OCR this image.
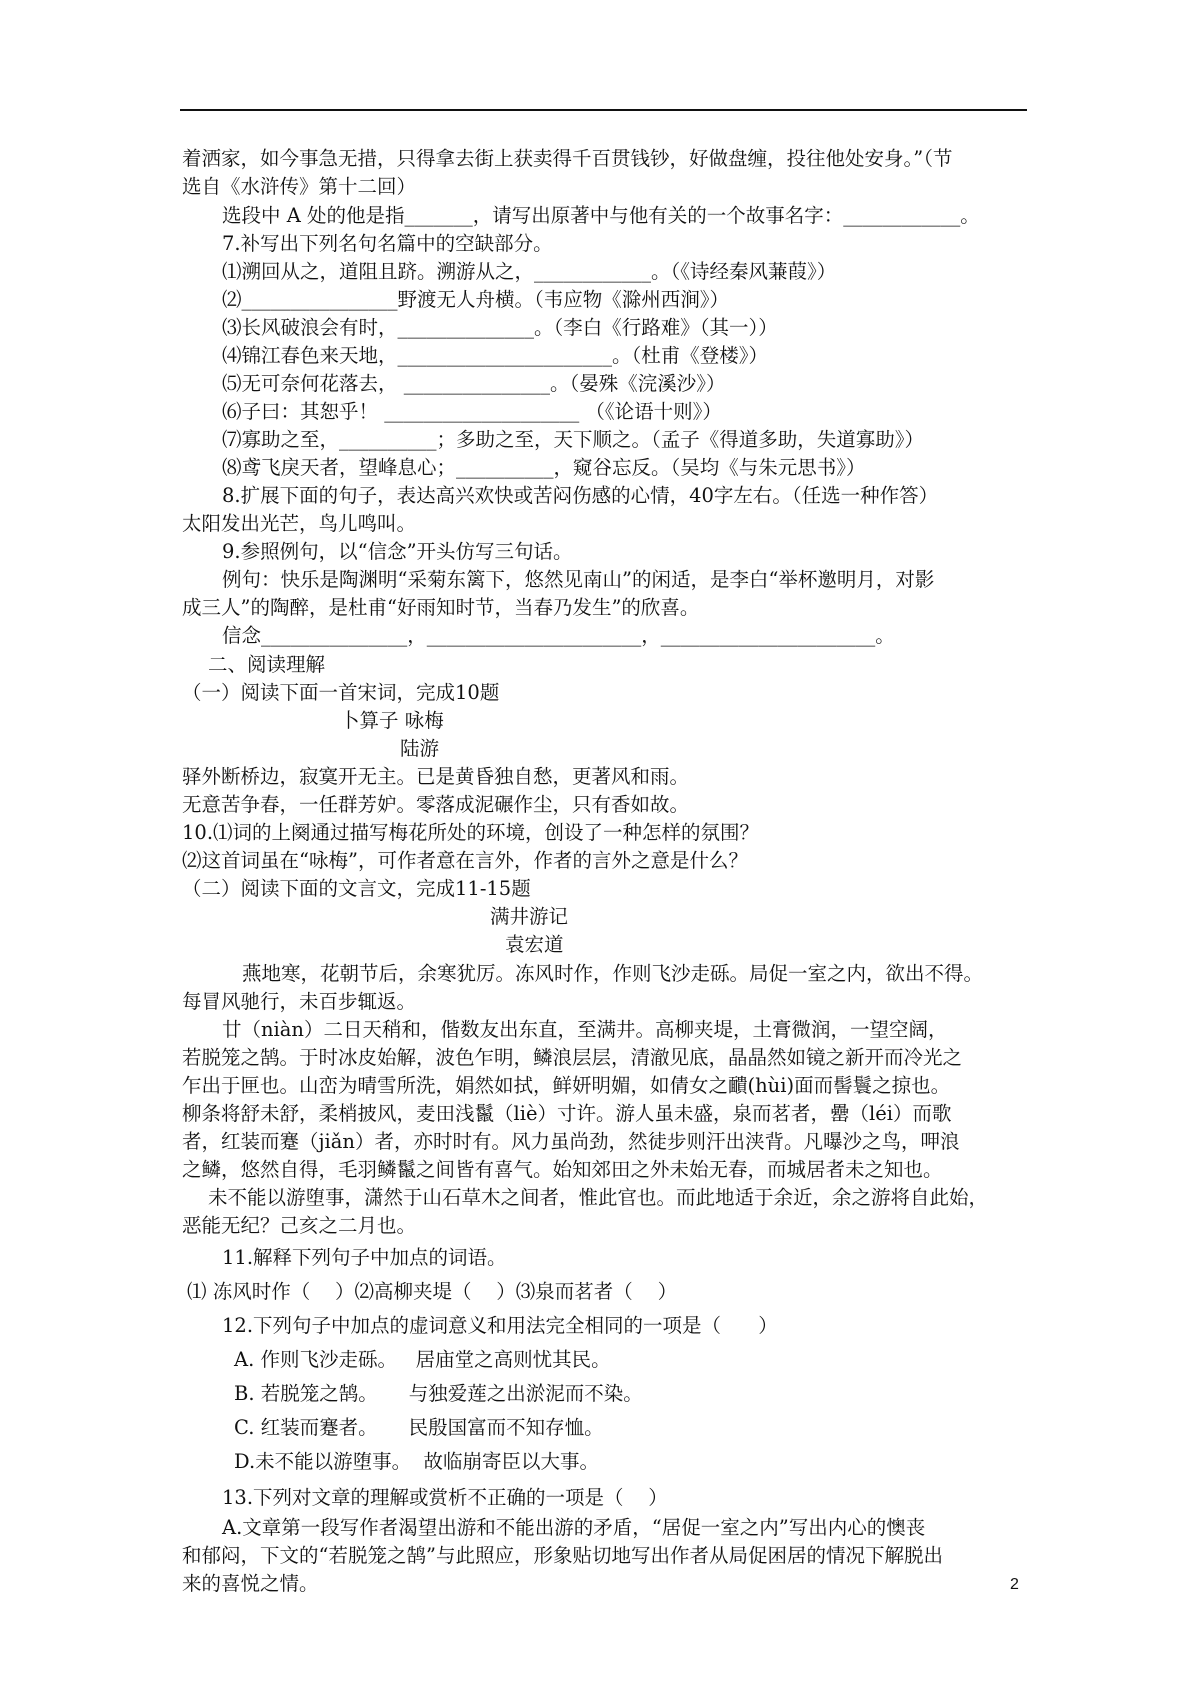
着洒家，如今事急无措，只得拿去街上获卖得千百贯钱钞，好做盘缠，投往他处安身。”（节
选自《水浒传》第十二回）
选段中 A 处的他是指_______，请写出原著中与他有关的一个故事名字：____________。
7.补写出下列名句名篇中的空缺部分。
⑴溯回从之，道阻且跻。溯游从之，____________。（《诗经秦风蒹葭》）
⑵________________野渡无人舟横。（韦应物《滁州西涧》）
⑶长风破浪会有时，______________。（李白《行路难》（其一））
⑷锦江春色来天地，______________________。（杜甫《登楼》）
⑸无可奈何花落去， _______________。（晏殊《浣溪沙》）
⑹子曰：其恕乎！ ____________________ （《论语十则》）
⑺寡助之至，__________；多助之至，天下顺之。（孟子《得道多助，失道寡助》）
⑻鸢飞戾天者，望峰息心；__________，窥谷忘反。（吴均《与朱元思书》）
8.扩展下面的句子，表达高兴欢快或苦闷伤感的心情，40字左右。（任选一种作答）
太阳发出光芒，鸟儿鸣叫。
9.参照例句，以“信念”开头仿写三句话。
例句：快乐是陶渊明“采菊东篱下，悠然见南山”的闲适，是李白“举杯邀明月，对影
成三人”的陶醉，是杜甫“好雨知时节，当春乃发生”的欣喜。
信念_______________，______________________，______________________。
二、阅读理解
（一）阅读下面一首宋词，完成10题
卜算子 咏梅
陆游
驿外断桥边，寂寞开无主。已是黄昏独自愁，更著风和雨。
无意苦争春，一任群芳妒。零落成泥碾作尘，只有香如故。
10.⑴词的上阕通过描写梅花所处的环境，创设了一种怎样的氛围？
⑵这首词虽在“咏梅”，可作者意在言外，作者的言外之意是什么？
（二）阅读下面的文言文，完成11-15题
满井游记
袁宏道
燕地寒，花朝节后，余寒犹厉。冻风时作，作则飞沙走砾。局促一室之内，欲出不得。
每冒风驰行，未百步辄返。
廿（niàn）二日天稍和，偕数友出东直，至满井。高柳夹堤，土膏微润，一望空阔，
若脱笼之鹄。于时冰皮始解，波色乍明，鳞浪层层，清澈见底，晶晶然如镜之新开而冷光之
乍出于匣也。山峦为晴雪所洗，娟然如拭，鲜妍明媚，如倩女之靧(hùi)面而髻鬟之掠也。
柳条将舒未舒，柔梢披风，麦田浅鬣（liè）寸许。游人虽未盛，泉而茗者，罍（léi）而歌
者，红装而蹇（jiǎn）者，亦时时有。风力虽尚劲，然徒步则汗出浃背。凡曝沙之鸟，呷浪
之鳞，悠然自得，毛羽鳞鬣之间皆有喜气。始知郊田之外未始无春，而城居者未之知也。
未不能以游堕事，潇然于山石草木之间者，惟此官也。而此地适于余近，余之游将自此始，
恶能无纪？己亥之二月也。
11.解释下列句子中加点的词语。
⑴ 冻风时作（    ）⑵高柳夹堤（    ）⑶泉而茗者（    ）
12.下列句子中加点的虚词意义和用法完全相同的一项是（      ）
A. 作则飞沙走砾。   居庙堂之高则忧其民。
B. 若脱笼之鹄。     与独爱莲之出淤泥而不染。
C. 红装而蹇者。     民殷国富而不知存恤。
D.未不能以游堕事。  故临崩寄臣以大事。
13.下列对文章的理解或赏析不正确的一项是（    ）
A.文章第一段写作者渴望出游和不能出游的矛盾，“居促一室之内”写出内心的懊丧
和郁闷，下文的“若脱笼之鹄”与此照应，形象贴切地写出作者从局促困居的情况下解脱出
来的喜悦之情。	2
